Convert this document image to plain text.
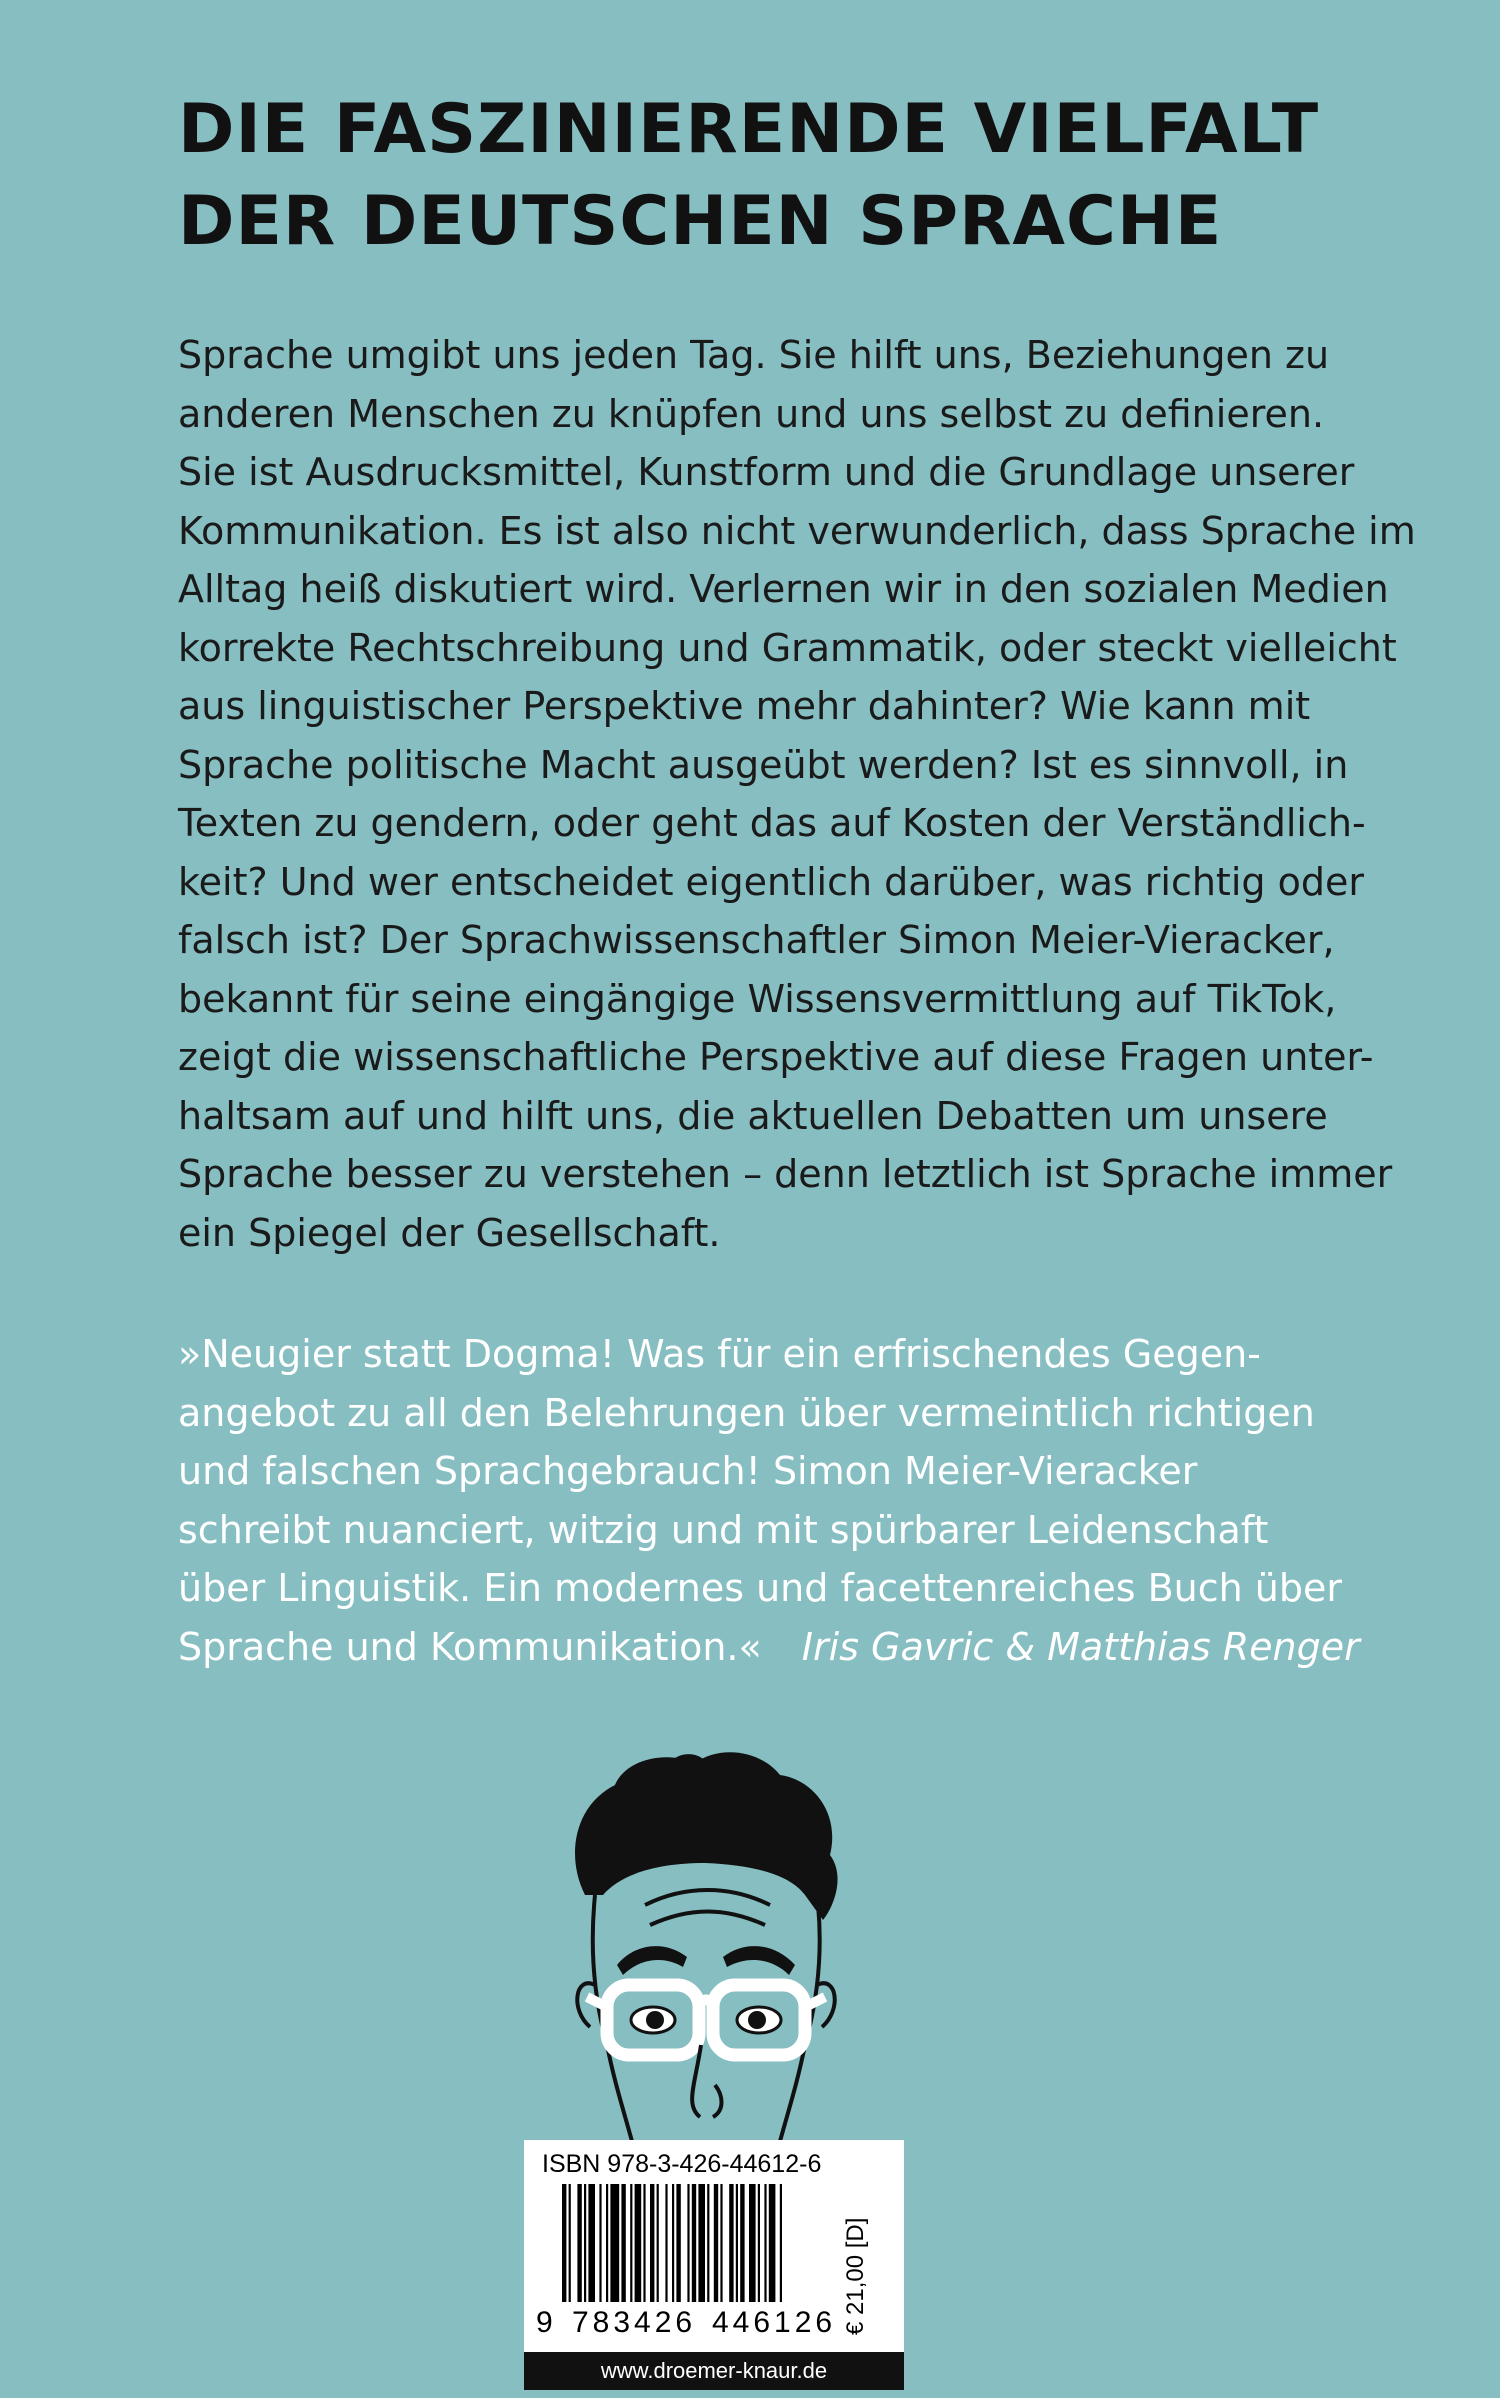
DIE FASZINIERENDE VIELFALT
DER DEUTSCHEN SPRACHE
Sprache umgibt uns jeden Tag. Sie hilft uns, Beziehungen zu
anderen Menschen zu knüpfen und uns selbst zu definieren.
Sie ist Ausdrucksmittel, Kunstform und die Grundlage unserer
Kommunikation. Es ist also nicht verwunderlich, dass Sprache im
Alltag heiß diskutiert wird. Verlernen wir in den sozialen Medien
korrekte Rechtschreibung und Grammatik, oder steckt vielleicht
aus linguistischer Perspektive mehr dahinter? Wie kann mit
Sprache politische Macht ausgeübt werden? Ist es sinnvoll, in
Texten zu gendern, oder geht das auf Kosten der Verständlich-
keit? Und wer entscheidet eigentlich darüber, was richtig oder
falsch ist? Der Sprachwissenschaftler Simon Meier-Vieracker,
bekannt für seine eingängige Wissensvermittlung auf TikTok,
zeigt die wissenschaftliche Perspektive auf diese Fragen unter-
haltsam auf und hilft uns, die aktuellen Debatten um unsere
Sprache besser zu verstehen – denn letztlich ist Sprache immer
ein Spiegel der Gesellschaft.
»Neugier statt Dogma! Was für ein erfrischendes Gegen-
angebot zu all den Belehrungen über vermeintlich richtigen
und falschen Sprachgebrauch! Simon Meier-Vieracker
schreibt nuanciert, witzig und mit spürbarer Leidenschaft
über Linguistik. Ein modernes und facettenreiches Buch über
Sprache und Kommunikation.« Iris Gavric & Matthias Renger
ISBN 978-3-426-44612-6
9 783426 446126 € 21,00 [D]
www.droemer-knaur.de
